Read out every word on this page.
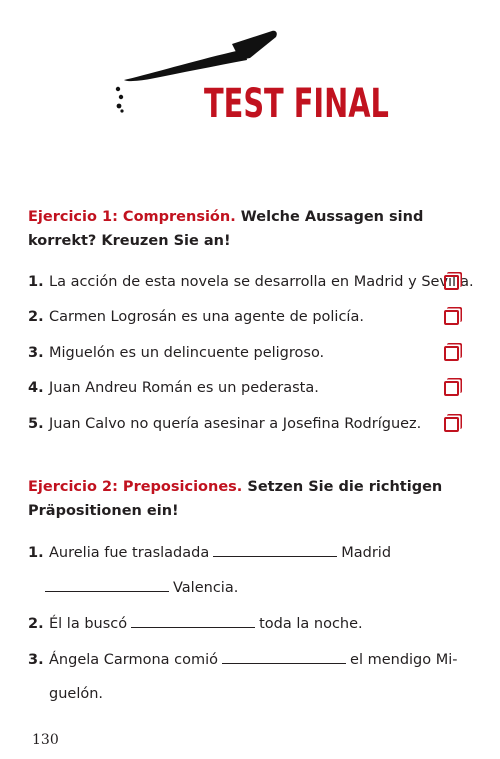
TEST FINAL

Ejercicio 1: Comprensión. Welche Aussagen sind korrekt? Kreuzen Sie an!

1. La acción de esta novela se desarrolla en Madrid y Sevilla.
2. Carmen Logrosán es una agente de policía.
3. Miguelón es un delincuente peligroso.
4. Juan Andreu Román es un pederasta.
5. Juan Calvo no quería asesinar a Josefina Rodríguez.

Ejercicio 2: Preposiciones. Setzen Sie die richtigen Präpositionen ein!

1. Aurelia fue trasladada	Madrid
Valencia.
2. Él la buscó	toda la noche.
3. Ángela Carmona comió	el mendigo Mi-
guelón.
130
